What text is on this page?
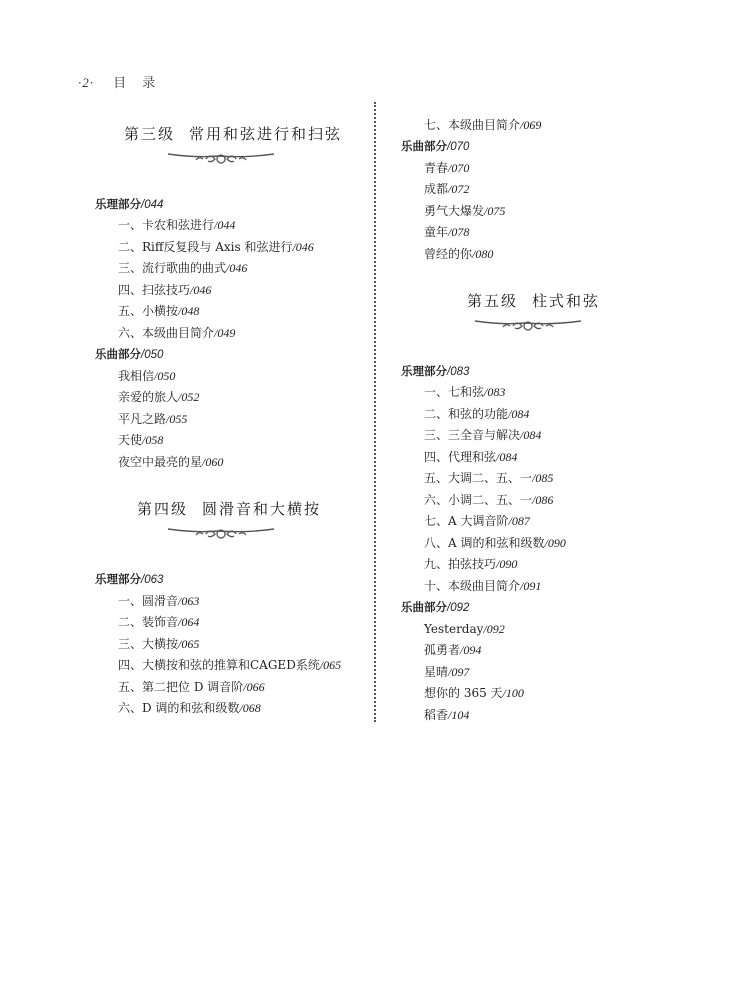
·2· 目 录
第三级 常用和弦进行和扫弦
乐理部分/044
一、卡农和弦进行/044
二、Riff反复段与 Axis 和弦进行/046
三、流行歌曲的曲式/046
四、扫弦技巧/046
五、小横按/048
六、本级曲目简介/049
乐曲部分/050
我相信/050
亲爱的旅人/052
平凡之路/055
天使/058
夜空中最亮的星/060
第四级 圆滑音和大横按
乐理部分/063
一、圆滑音/063
二、装饰音/064
三、大横按/065
四、大横按和弦的推算和CAGED系统/065
五、第二把位 D 调音阶/066
六、D 调的和弦和级数/068
七、本级曲目简介/069
乐曲部分/070
青春/070
成都/072
勇气大爆发/075
童年/078
曾经的你/080
第五级 柱式和弦
乐理部分/083
一、七和弦/083
二、和弦的功能/084
三、三全音与解决/084
四、代理和弦/084
五、大调二、五、一/085
六、小调二、五、一/086
七、A 大调音阶/087
八、A 调的和弦和级数/090
九、拍弦技巧/090
十、本级曲目简介/091
乐曲部分/092
Yesterday/092
孤勇者/094
星晴/097
想你的 365 天/100
稻香/104
